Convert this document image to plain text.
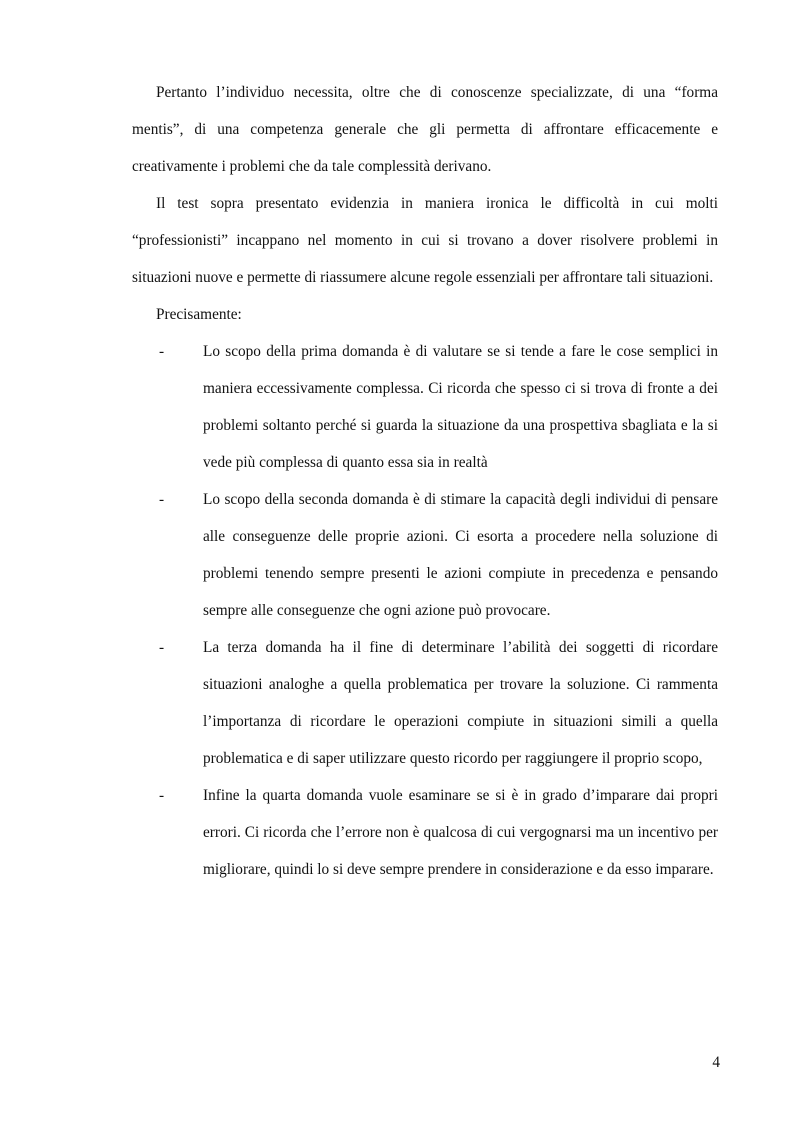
Pertanto l’individuo necessita, oltre che di conoscenze specializzate, di una “forma mentis”, di una competenza generale che gli permetta di affrontare efficacemente e creativamente i problemi che da tale complessità derivano.

Il test sopra presentato evidenzia in maniera ironica le difficoltà in cui molti “professionisti” incappano nel momento in cui si trovano a dover risolvere problemi in situazioni nuove e permette di riassumere alcune regole essenziali per affrontare tali situazioni.

Precisamente:

-	Lo scopo della prima domanda è di valutare se si tende a fare le cose semplici in maniera eccessivamente complessa. Ci ricorda che spesso ci si trova di fronte a dei problemi soltanto perché si guarda la situazione da una prospettiva sbagliata e la si vede più complessa di quanto essa sia in realtà

-	Lo scopo della seconda domanda è di stimare la capacità degli individui di pensare alle conseguenze delle proprie azioni. Ci esorta a procedere nella soluzione di problemi tenendo sempre presenti le azioni compiute in precedenza e pensando sempre alle conseguenze che ogni azione può provocare.

-	La terza domanda ha il fine di determinare l’abilità dei soggetti di ricordare situazioni analoghe a quella problematica per trovare la soluzione. Ci rammenta l’importanza di ricordare le operazioni compiute in situazioni simili a quella problematica e di saper utilizzare questo ricordo per raggiungere il proprio scopo,

-	Infine la quarta domanda vuole esaminare se si è in grado d’imparare dai propri errori. Ci ricorda che l’errore non è qualcosa di cui vergognarsi ma un incentivo per migliorare, quindi lo si deve sempre prendere in considerazione e da esso imparare.

4
